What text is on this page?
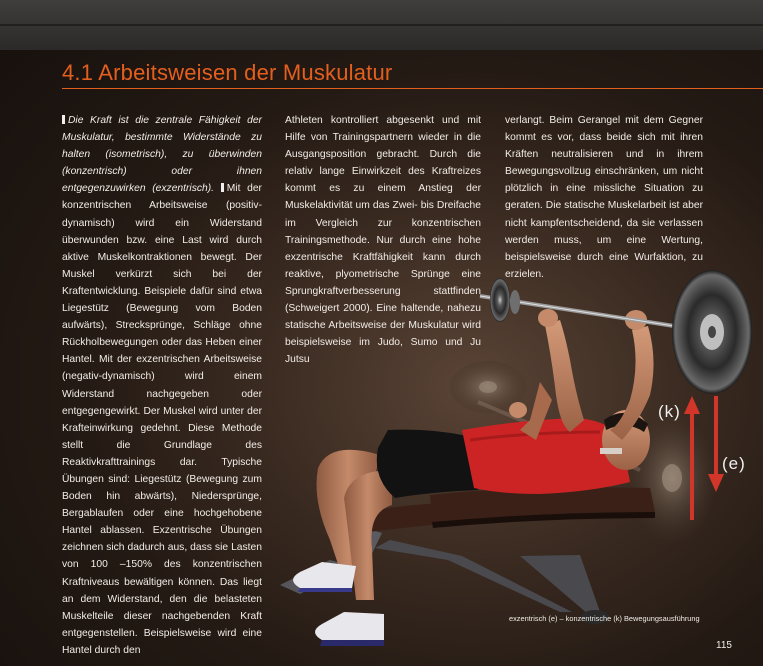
4.1 Arbeitsweisen der Muskulatur
Die Kraft ist die zentrale Fähigkeit der Muskulatur, bestimmte Widerstände zu halten (isometrisch), zu überwinden (konzentrisch) oder ihnen entgegenzuwirken (exzentrisch). Mit der konzentrischen Arbeitsweise (positiv-dynamisch) wird ein Widerstand überwunden bzw. eine Last wird durch aktive Muskelkontraktionen bewegt. Der Muskel verkürzt sich bei der Kraftentwicklung. Beispiele dafür sind etwa Liegestütz (Bewegung vom Boden aufwärts), Strecksprünge, Schläge ohne Rückholbewegungen oder das Heben einer Hantel. Mit der exzentrischen Arbeitsweise (negativ-dynamisch) wird einem Widerstand nachgegeben oder entgegengewirkt. Der Muskel wird unter der Krafteinwirkung gedehnt. Diese Methode stellt die Grundlage des Reaktivkrafttrainings dar. Typische Übungen sind: Liegestütz (Bewegung zum Boden hin abwärts), Niedersprünge, Bergablaufen oder eine hochgehobene Hantel ablassen. Exzentrische Übungen zeichnen sich dadurch aus, dass sie Lasten von 100 –150% des konzentrischen Kraftniveaus bewältigen können. Das liegt an dem Widerstand, den die belasteten Muskelteile dieser nachgebenden Kraft entgegenstellen. Beispielsweise wird eine Hantel durch den
Athleten kontrolliert abgesenkt und mit Hilfe von Trainingspartnern wieder in die Ausgangsposition gebracht. Durch die relativ lange Einwirkzeit des Kraftreizes kommt es zu einem Anstieg der Muskelaktivität um das Zwei- bis Dreifache im Vergleich zur konzentrischen Trainingsmethode. Nur durch eine hohe exzentrische Kraftfähigkeit kann durch reaktive, plyometrische Sprünge eine Sprungkraftverbesserung stattfinden (Schweigert 2000). Eine haltende, nahezu statische Arbeitsweise der Muskulatur wird beispielsweise im Judo, Sumo und Ju Jutsu
verlangt. Beim Gerangel mit dem Gegner kommt es vor, dass beide sich mit ihren Kräften neutralisieren und in ihrem Bewegungsvollzug einschränken, um nicht plötzlich in eine missliche Situation zu geraten. Die statische Muskelarbeit ist aber nicht kampfentscheidend, da sie verlassen werden muss, um eine Wertung, beispielsweise durch eine Wurfaktion, zu erzielen.
(k)
(e)
exzentrisch (e) – konzentrische (k) Bewegungsausführung
115
